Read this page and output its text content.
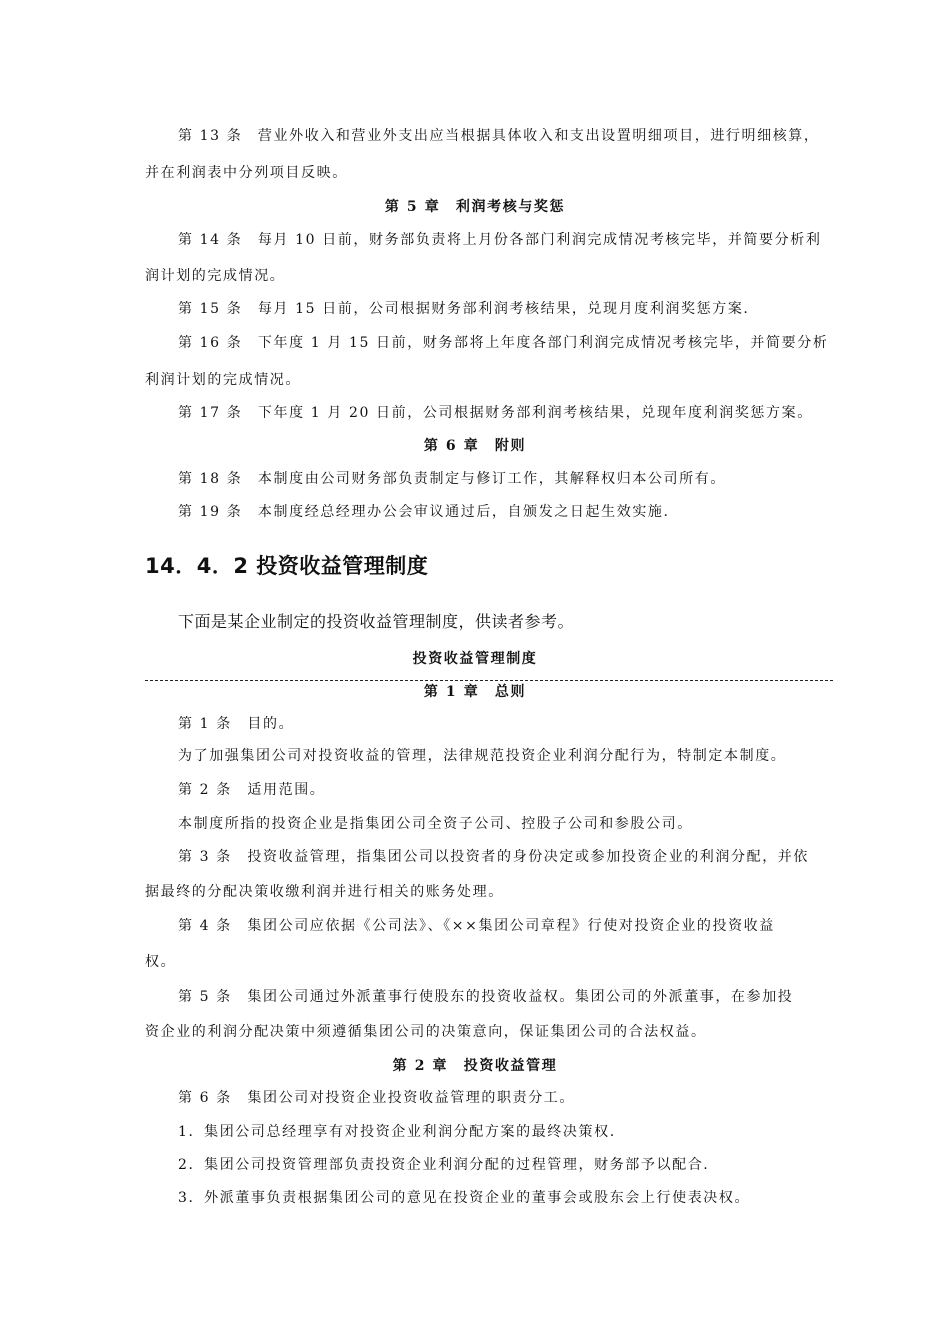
第 13 条　营业外收入和营业外支出应当根据具体收入和支出设置明细项目，进行明细核算，
并在利润表中分列项目反映。
第 5 章　利润考核与奖惩
第 14 条　每月 10 日前，财务部负责将上月份各部门利润完成情况考核完毕，并简要分析利
润计划的完成情况。
第 15 条　每月 15 日前，公司根据财务部利润考核结果，兑现月度利润奖惩方案.
第 16 条　下年度 1 月 15 日前，财务部将上年度各部门利润完成情况考核完毕，并简要分析
利润计划的完成情况。
第 17 条　下年度 1 月 20 日前，公司根据财务部利润考核结果，兑现年度利润奖惩方案。
第 6 章　附则
第 18 条　本制度由公司财务部负责制定与修订工作，其解释权归本公司所有。
第 19 条　本制度经总经理办公会审议通过后，自颁发之日起生效实施.
14．4．2 投资收益管理制度
下面是某企业制定的投资收益管理制度，供读者参考。
投资收益管理制度
第 1 章　总则
第 1 条　目的。
为了加强集团公司对投资收益的管理，法律规范投资企业利润分配行为，特制定本制度。
第 2 条　适用范围。
本制度所指的投资企业是指集团公司全资子公司、控股子公司和参股公司。
第 3 条　投资收益管理，指集团公司以投资者的身份决定或参加投资企业的利润分配，并依
据最终的分配决策收缴利润并进行相关的账务处理。
第 4 条　集团公司应依据《公司法》、《××集团公司章程》行使对投资企业的投资收益
权。
第 5 条　集团公司通过外派董事行使股东的投资收益权。集团公司的外派董事，在参加投
资企业的利润分配决策中须遵循集团公司的决策意向，保证集团公司的合法权益。
第 2 章　投资收益管理
第 6 条　集团公司对投资企业投资收益管理的职责分工。
1．集团公司总经理享有对投资企业利润分配方案的最终决策权.
2．集团公司投资管理部负责投资企业利润分配的过程管理，财务部予以配合.
3．外派董事负责根据集团公司的意见在投资企业的董事会或股东会上行使表决权。
